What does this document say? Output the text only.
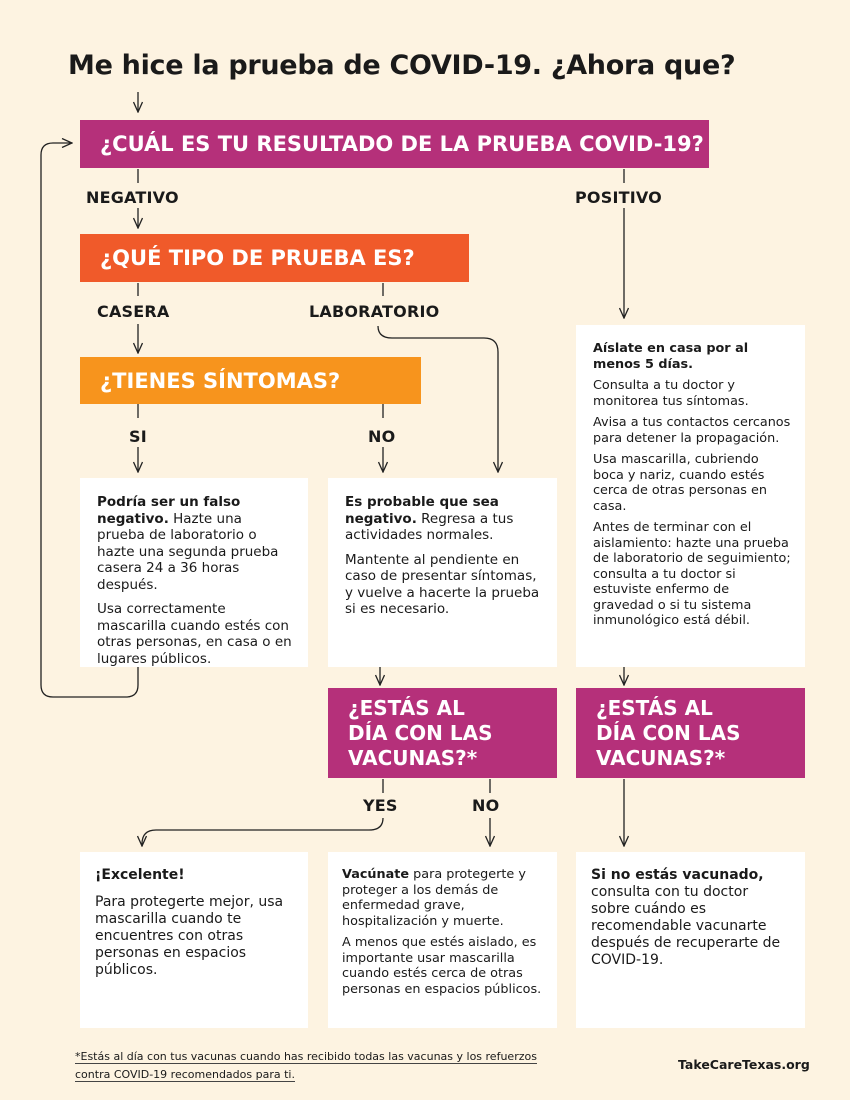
Me hice la prueba de COVID-19. ¿Ahora que?
¿CUÁL ES TU RESULTADO DE LA PRUEBA COVID-19?
NEGATIVO	POSITIVO
¿QUÉ TIPO DE PRUEBA ES?
CASERA	LABORATORIO
¿TIENES SÍNTOMAS?
SI	NO

Podría ser un falso negativo. Hazte una prueba de laboratorio o hazte una segunda prueba casera 24 a 36 horas después.

Usa correctamente mascarilla cuando estés con otras personas, en casa o en lugares públicos.

Es probable que sea negativo. Regresa a tus actividades normales.

Mantente al pendiente en caso de presentar síntomas, y vuelve a hacerte la prueba si es necesario.

Aíslate en casa por al menos 5 días.

Consulta a tu doctor y monitorea tus síntomas.

Avisa a tus contactos cercanos para detener la propagación.

Usa mascarilla, cubriendo boca y nariz, cuando estés cerca de otras personas en casa.

Antes de terminar con el aislamiento: hazte una prueba de laboratorio de seguimiento; consulta a tu doctor si estuviste enfermo de gravedad o si tu sistema inmunológico está débil.

¿ESTÁS AL
DÍA CON LAS
VACUNAS?*
¿ESTÁS AL
DÍA CON LAS
VACUNAS?*
YES	NO

¡Excelente!

Para protegerte mejor, usa mascarilla cuando te encuentres con otras personas en espacios públicos.

Vacúnate para protegerte y proteger a los demás de enfermedad grave, hospitalización y muerte.

A menos que estés aislado, es importante usar mascarilla cuando estés cerca de otras personas en espacios públicos.

Si no estás vacunado, consulta con tu doctor sobre cuándo es recomendable vacunarte después de recuperarte de COVID-19.

*Estás al día con tus vacunas cuando has recibido todas las vacunas y los refuerzos contra COVID-19 recomendados para ti.
TakeCareTexas.org
